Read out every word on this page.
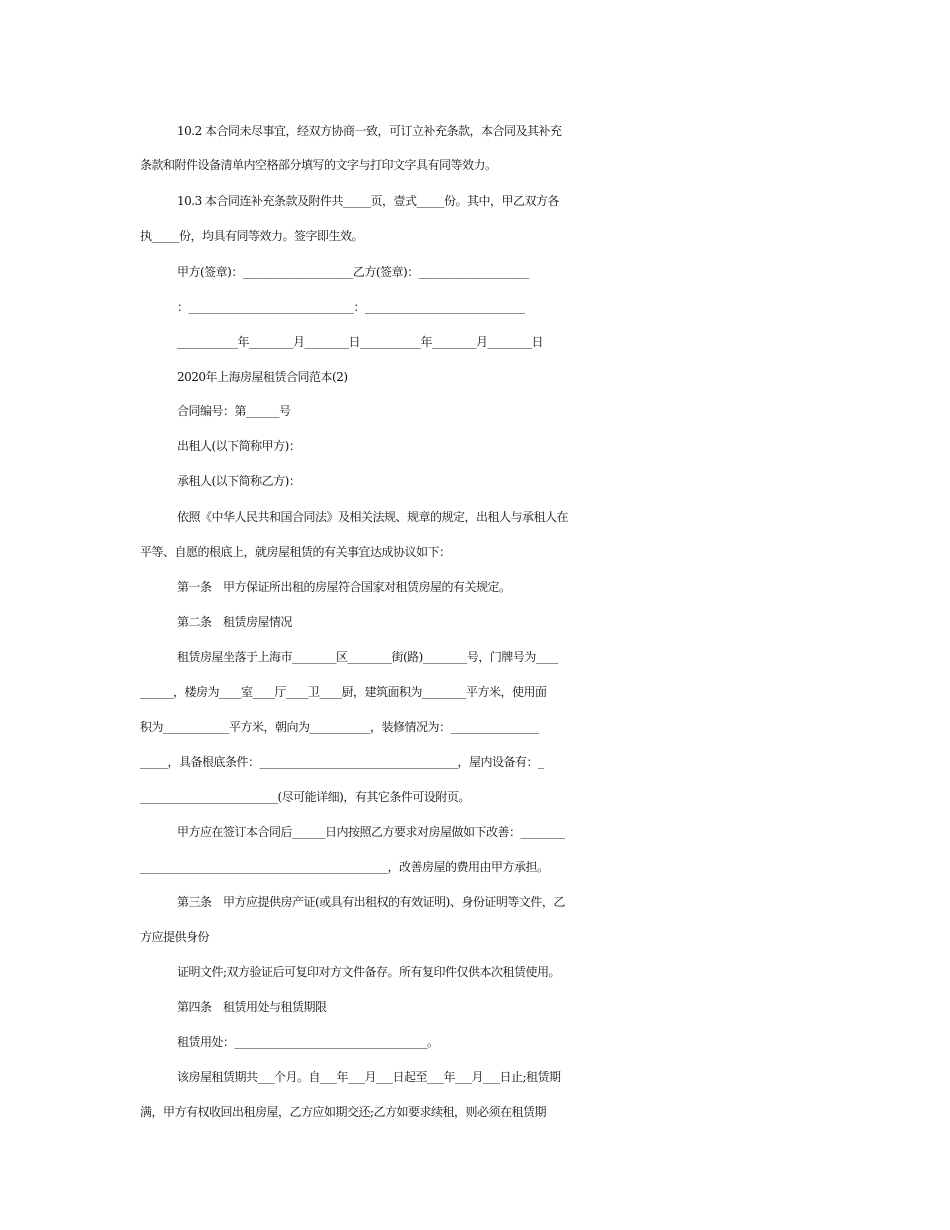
10.2 本合同未尽事宜，经双方协商一致，可订立补充条款，本合同及其补充
条款和附件设备清单内空格部分填写的文字与打印文字具有同等效力。
10.3 本合同连补充条款及附件共_____页，壹式_____份。其中，甲乙双方各
执_____份，均具有同等效力。签字即生效。
甲方(签章)：____________________乙方(签章)：____________________
：______________________________：_____________________________
___________年________月________日___________年________月________日
2020年上海房屋租赁合同范本(2)
合同编号：第______号
出租人(以下简称甲方)：
承租人(以下简称乙方)：
依照《中华人民共和国合同法》及相关法规、规章的规定，出租人与承租人在
平等、自愿的根底上，就房屋租赁的有关事宜达成协议如下：
第一条　甲方保证所出租的房屋符合国家对租赁房屋的有关规定。
第二条　租赁房屋情况
租赁房屋坐落于上海市________区________街(路)________号，门牌号为____
______，楼房为____室____厅____卫____厨，建筑面积为________平方米，使用面
积为____________平方米，朝向为___________，装修情况为：________________
_____，具备根底条件：____________________________________，屋内设备有：_
_________________________(尽可能详细)，有其它条件可设附页。
甲方应在签订本合同后______日内按照乙方要求对房屋做如下改善：________
_____________________________________________，改善房屋的费用由甲方承担。
第三条　甲方应提供房产证(或具有出租权的有效证明)、身份证明等文件，乙
方应提供身份
证明文件;双方验证后可复印对方文件备存。所有复印件仅供本次租赁使用。
第四条　租赁用处与租赁期限
租赁用处：___________________________________。
该房屋租赁期共___个月。自___年___月___日起至___年___月___日止;租赁期
满，甲方有权收回出租房屋，乙方应如期交还;乙方如要求续租，则必须在租赁期
